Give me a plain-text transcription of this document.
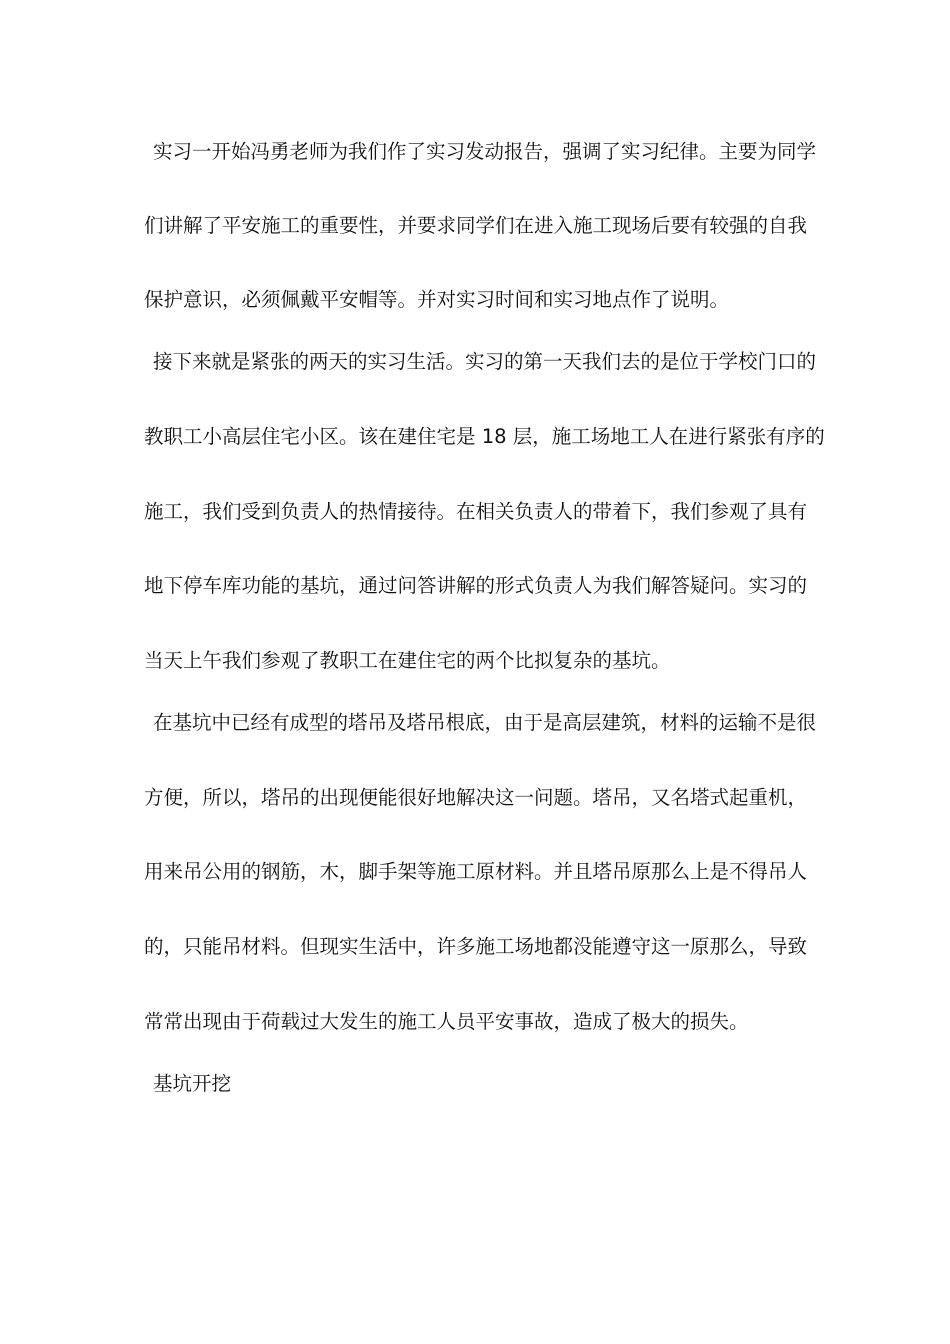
实习一开始冯勇老师为我们作了实习发动报告，强调了实习纪律。主要为同学
们讲解了平安施工的重要性，并要求同学们在进入施工现场后要有较强的自我
保护意识，必须佩戴平安帽等。并对实习时间和实习地点作了说明。
接下来就是紧张的两天的实习生活。实习的第一天我们去的是位于学校门口的
教职工小高层住宅小区。该在建住宅是 18 层，施工场地工人在进行紧张有序的
施工，我们受到负责人的热情接待。在相关负责人的带着下，我们参观了具有
地下停车库功能的基坑，通过问答讲解的形式负责人为我们解答疑问。实习的
当天上午我们参观了教职工在建住宅的两个比拟复杂的基坑。
在基坑中已经有成型的塔吊及塔吊根底，由于是高层建筑，材料的运输不是很
方便，所以，塔吊的出现便能很好地解决这一问题。塔吊，又名塔式起重机，
用来吊公用的钢筋，木，脚手架等施工原材料。并且塔吊原那么上是不得吊人
的，只能吊材料。但现实生活中，许多施工场地都没能遵守这一原那么，导致
常常出现由于荷载过大发生的施工人员平安事故，造成了极大的损失。
基坑开挖
